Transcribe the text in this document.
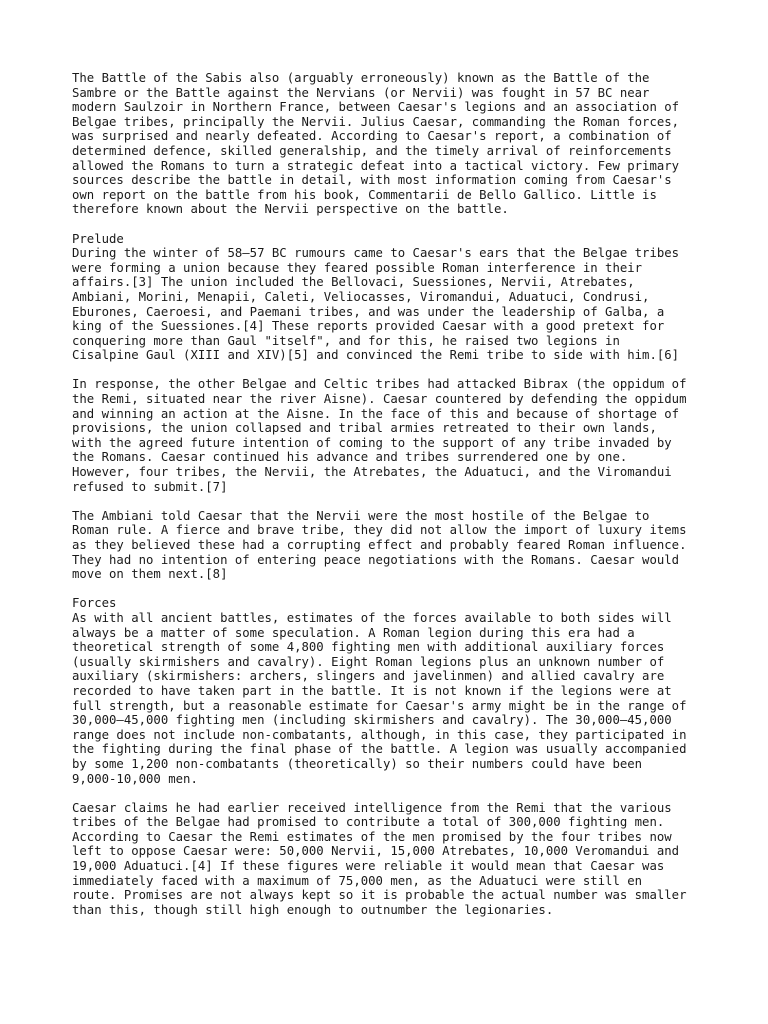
The Battle of the Sabis also (arguably erroneously) known as the Battle of the
Sambre or the Battle against the Nervians (or Nervii) was fought in 57 BC near
modern Saulzoir in Northern France, between Caesar's legions and an association of
Belgae tribes, principally the Nervii. Julius Caesar, commanding the Roman forces,
was surprised and nearly defeated. According to Caesar's report, a combination of
determined defence, skilled generalship, and the timely arrival of reinforcements
allowed the Romans to turn a strategic defeat into a tactical victory. Few primary
sources describe the battle in detail, with most information coming from Caesar's
own report on the battle from his book, Commentarii de Bello Gallico. Little is
therefore known about the Nervii perspective on the battle.
Prelude
During the winter of 58–57 BC rumours came to Caesar's ears that the Belgae tribes
were forming a union because they feared possible Roman interference in their
affairs.[3] The union included the Bellovaci, Suessiones, Nervii, Atrebates,
Ambiani, Morini, Menapii, Caleti, Veliocasses, Viromandui, Aduatuci, Condrusi,
Eburones, Caeroesi, and Paemani tribes, and was under the leadership of Galba, a
king of the Suessiones.[4] These reports provided Caesar with a good pretext for
conquering more than Gaul "itself", and for this, he raised two legions in
Cisalpine Gaul (XIII and XIV)[5] and convinced the Remi tribe to side with him.[6]
In response, the other Belgae and Celtic tribes had attacked Bibrax (the oppidum of
the Remi, situated near the river Aisne). Caesar countered by defending the oppidum
and winning an action at the Aisne. In the face of this and because of shortage of
provisions, the union collapsed and tribal armies retreated to their own lands,
with the agreed future intention of coming to the support of any tribe invaded by
the Romans. Caesar continued his advance and tribes surrendered one by one.
However, four tribes, the Nervii, the Atrebates, the Aduatuci, and the Viromandui
refused to submit.[7]
The Ambiani told Caesar that the Nervii were the most hostile of the Belgae to
Roman rule. A fierce and brave tribe, they did not allow the import of luxury items
as they believed these had a corrupting effect and probably feared Roman influence.
They had no intention of entering peace negotiations with the Romans. Caesar would
move on them next.[8]
Forces
As with all ancient battles, estimates of the forces available to both sides will
always be a matter of some speculation. A Roman legion during this era had a
theoretical strength of some 4,800 fighting men with additional auxiliary forces
(usually skirmishers and cavalry). Eight Roman legions plus an unknown number of
auxiliary (skirmishers: archers, slingers and javelinmen) and allied cavalry are
recorded to have taken part in the battle. It is not known if the legions were at
full strength, but a reasonable estimate for Caesar's army might be in the range of
30,000–45,000 fighting men (including skirmishers and cavalry). The 30,000–45,000
range does not include non-combatants, although, in this case, they participated in
the fighting during the final phase of the battle. A legion was usually accompanied
by some 1,200 non-combatants (theoretically) so their numbers could have been
9,000-10,000 men.
Caesar claims he had earlier received intelligence from the Remi that the various
tribes of the Belgae had promised to contribute a total of 300,000 fighting men.
According to Caesar the Remi estimates of the men promised by the four tribes now
left to oppose Caesar were: 50,000 Nervii, 15,000 Atrebates, 10,000 Veromandui and
19,000 Aduatuci.[4] If these figures were reliable it would mean that Caesar was
immediately faced with a maximum of 75,000 men, as the Aduatuci were still en
route. Promises are not always kept so it is probable the actual number was smaller
than this, though still high enough to outnumber the legionaries.
